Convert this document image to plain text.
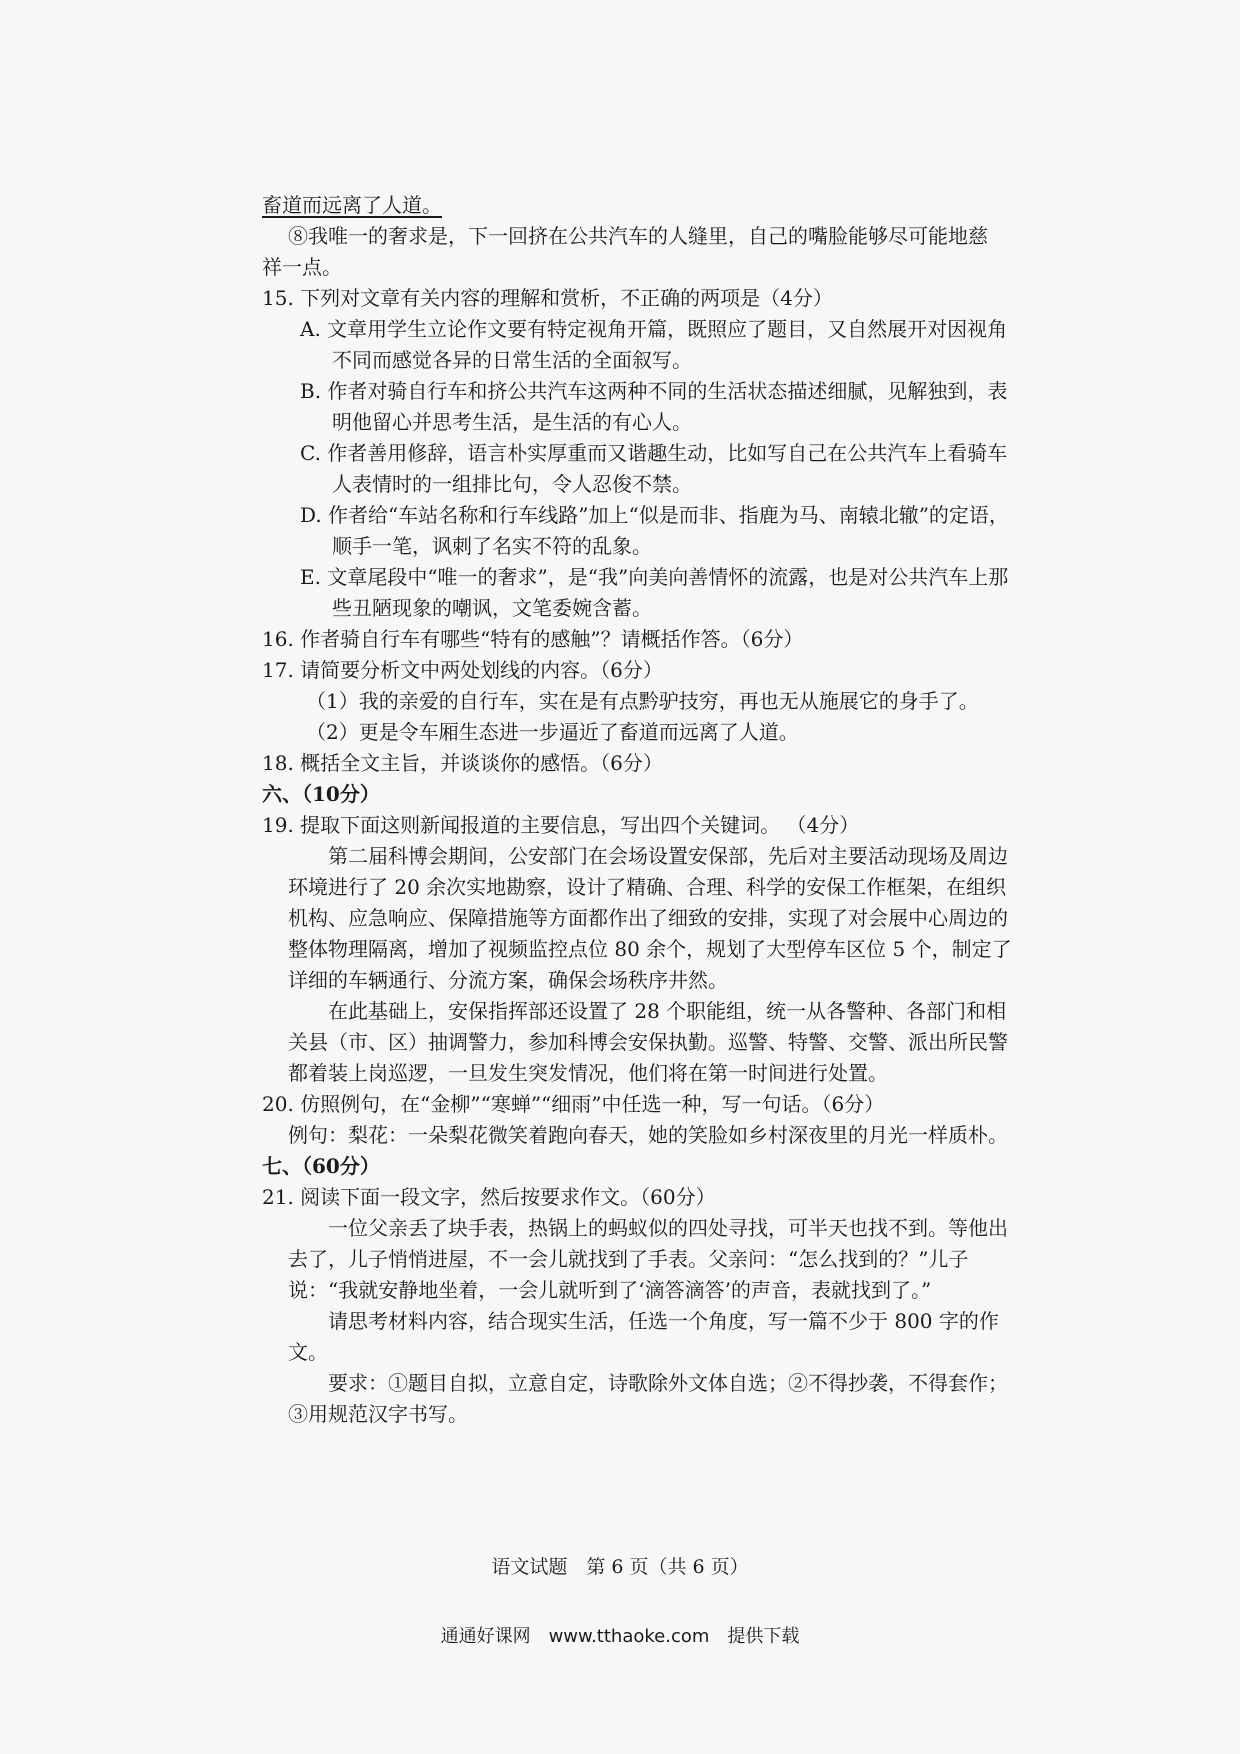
畜道而远离了人道。

⑧我唯一的奢求是，下一回挤在公共汽车的人缝里，自己的嘴脸能够尽可能地慈

祥一点。

15. 下列对文章有关内容的理解和赏析，不正确的两项是（4分）

A. 文章用学生立论作文要有特定视角开篇，既照应了题目，又自然展开对因视角不同而感觉各异的日常生活的全面叙写。

B. 作者对骑自行车和挤公共汽车这两种不同的生活状态描述细腻，见解独到，表明他留心并思考生活，是生活的有心人。

C. 作者善用修辞，语言朴实厚重而又谐趣生动，比如写自己在公共汽车上看骑车人表情时的一组排比句，令人忍俊不禁。

D. 作者给“车站名称和行车线路”加上“似是而非、指鹿为马、南辕北辙”的定语，顺手一笔，讽刺了名实不符的乱象。

E. 文章尾段中“唯一的奢求”，是“我”向美向善情怀的流露，也是对公共汽车上那些丑陋现象的嘲讽，文笔委婉含蓄。

16. 作者骑自行车有哪些“特有的感触”？请概括作答。（6分）

17. 请简要分析文中两处划线的内容。（6分）

（1）我的亲爱的自行车，实在是有点黔驴技穷，再也无从施展它的身手了。

（2）更是令车厢生态进一步逼近了畜道而远离了人道。

18. 概括全文主旨，并谈谈你的感悟。（6分）

六、（10分）

19. 提取下面这则新闻报道的主要信息，写出四个关键词。 （4分）

第二届科博会期间，公安部门在会场设置安保部，先后对主要活动现场及周边环境进行了 20 余次实地勘察，设计了精确、合理、科学的安保工作框架，在组织机构、应急响应、保障措施等方面都作出了细致的安排，实现了对会展中心周边的整体物理隔离，增加了视频监控点位 80 余个，规划了大型停车区位 5 个，制定了详细的车辆通行、分流方案，确保会场秩序井然。

在此基础上，安保指挥部还设置了 28 个职能组，统一从各警种、各部门和相关县（市、区）抽调警力，参加科博会安保执勤。巡警、特警、交警、派出所民警都着装上岗巡逻，一旦发生突发情况，他们将在第一时间进行处置。

20. 仿照例句，在“金柳”“寒蝉”“细雨”中任选一种，写一句话。（6分）

例句：梨花：一朵梨花微笑着跑向春天，她的笑脸如乡村深夜里的月光一样质朴。

七、（60分）

21. 阅读下面一段文字，然后按要求作文。（60分）

一位父亲丢了块手表，热锅上的蚂蚁似的四处寻找，可半天也找不到。等他出去了，儿子悄悄进屋，不一会儿就找到了手表。父亲问：“怎么找到的？”儿子说：“我就安静地坐着，一会儿就听到了‘滴答滴答’的声音，表就找到了。”

请思考材料内容，结合现实生活，任选一个角度，写一篇不少于 800 字的作文。

要求：①题目自拟，立意自定，诗歌除外文体自选；②不得抄袭，不得套作；③用规范汉字书写。

语文试题　第 6 页（共 6 页）
通通好课网　www.tthaoke.com　提供下载
